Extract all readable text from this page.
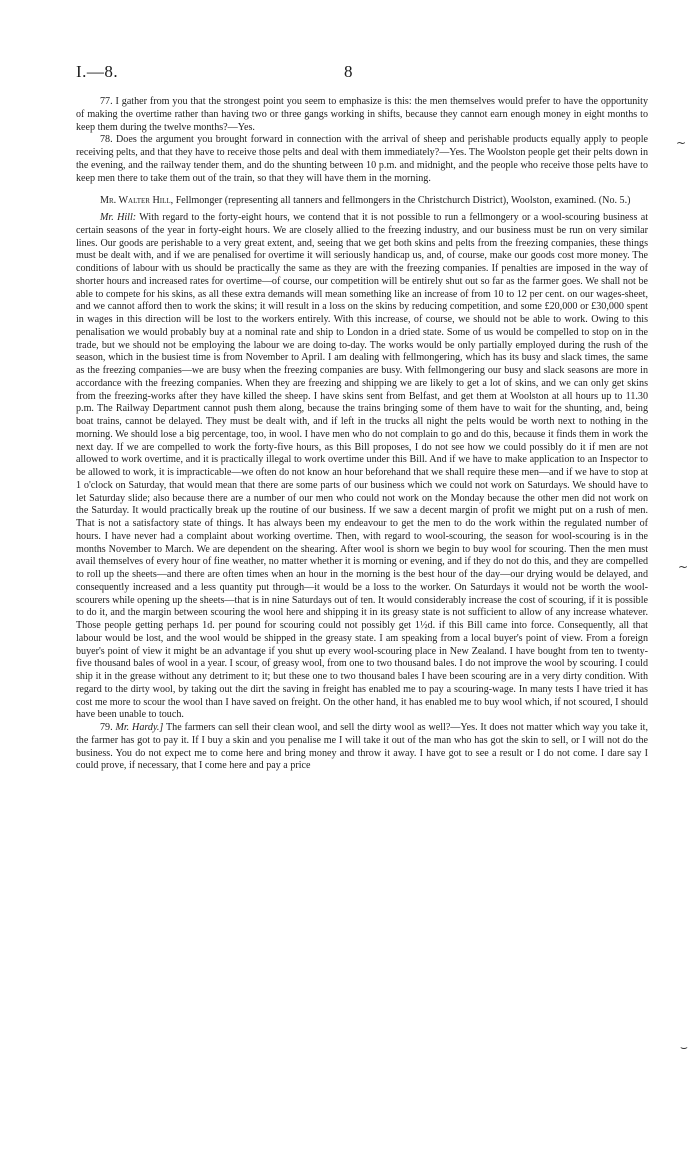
I.—8.	8

77. I gather from you that the strongest point you seem to emphasize is this: the men themselves would prefer to have the opportunity of making the overtime rather than having two or three gangs working in shifts, because they cannot earn enough money in eight months to keep them during the twelve months?—Yes.

78. Does the argument you brought forward in connection with the arrival of sheep and perishable products equally apply to people receiving pelts, and that they have to receive those pelts and deal with them immediately?—Yes. The Woolston people get their pelts down in the evening, and the railway tender them, and do the shunting between 10 p.m. and midnight, and the people who receive those pelts have to keep men there to take them out of the train, so that they will have them in the morning.

Mr. Walter Hill, Fellmonger (representing all tanners and fellmongers in the Christchurch District), Woolston, examined. (No. 5.)

Mr. Hill: With regard to the forty-eight hours, we contend that it is not possible to run a fellmongery or a wool-scouring business at certain seasons of the year in forty-eight hours. We are closely allied to the freezing industry, and our business must be run on very similar lines. Our goods are perishable to a very great extent, and, seeing that we get both skins and pelts from the freezing companies, these things must be dealt with, and if we are penalised for overtime it will seriously handicap us, and, of course, make our goods cost more money. The conditions of labour with us should be practically the same as they are with the freezing companies. If penalties are imposed in the way of shorter hours and increased rates for overtime—of course, our competition will be entirely shut out so far as the farmer goes. We shall not be able to compete for his skins, as all these extra demands will mean something like an increase of from 10 to 12 per cent. on our wages-sheet, and we cannot afford then to work the skins; it will result in a loss on the skins by reducing competition, and some £20,000 or £30,000 spent in wages in this direction will be lost to the workers entirely. With this increase, of course, we should not be able to work. Owing to this penalisation we would probably buy at a nominal rate and ship to London in a dried state. Some of us would be compelled to stop on in the trade, but we should not be employing the labour we are doing to-day. The works would be only partially employed during the rush of the season, which in the busiest time is from November to April. I am dealing with fellmongering, which has its busy and slack times, the same as the freezing companies—we are busy when the freezing companies are busy. With fellmongering our busy and slack seasons are more in accordance with the freezing companies. When they are freezing and shipping we are likely to get a lot of skins, and we can only get skins from the freezing-works after they have killed the sheep. I have skins sent from Belfast, and get them at Woolston at all hours up to 11.30 p.m. The Railway Department cannot push them along, because the trains bringing some of them have to wait for the shunting, and, being boat trains, cannot be delayed. They must be dealt with, and if left in the trucks all night the pelts would be worth next to nothing in the morning. We should lose a big percentage, too, in wool. I have men who do not complain to go and do this, because it finds them in work the next day. If we are compelled to work the forty-five hours, as this Bill proposes, I do not see how we could possibly do it if men are not allowed to work overtime, and it is practically illegal to work overtime under this Bill. And if we have to make application to an Inspector to be allowed to work, it is impracticable—we often do not know an hour beforehand that we shall require these men—and if we have to stop at 1 o'clock on Saturday, that would mean that there are some parts of our business which we could not work on Saturdays. We should have to let Saturday slide; also because there are a number of our men who could not work on the Monday because the other men did not work on the Saturday. It would practically break up the routine of our business. If we saw a decent margin of profit we might put on a rush of men. That is not a satisfactory state of things. It has always been my endeavour to get the men to do the work within the regulated number of hours. I have never had a complaint about working overtime. Then, with regard to wool-scouring, the season for wool-scouring is in the months November to March. We are dependent on the shearing. After wool is shorn we begin to buy wool for scouring. Then the men must avail themselves of every hour of fine weather, no matter whether it is morning or evening, and if they do not do this, and they are compelled to roll up the sheets—and there are often times when an hour in the morning is the best hour of the day—our drying would be delayed, and consequently increased and a less quantity put through—it would be a loss to the worker. On Saturdays it would not be worth the wool-scourers while opening up the sheets—that is in nine Saturdays out of ten. It would considerably increase the cost of scouring, if it is possible to do it, and the margin between scouring the wool here and shipping it in its greasy state is not sufficient to allow of any increase whatever. Those people getting perhaps 1d. per pound for scouring could not possibly get 1½d. if this Bill came into force. Consequently, all that labour would be lost, and the wool would be shipped in the greasy state. I am speaking from a local buyer's point of view. From a foreign buyer's point of view it might be an advantage if you shut up every wool-scouring place in New Zealand. I have bought from ten to twenty-five thousand bales of wool in a year. I scour, of greasy wool, from one to two thousand bales. I do not improve the wool by scouring. I could ship it in the grease without any detriment to it; but these one to two thousand bales I have been scouring are in a very dirty condition. With regard to the dirty wool, by taking out the dirt the saving in freight has enabled me to pay a scouring-wage. In many tests I have tried it has cost me more to scour the wool than I have saved on freight. On the other hand, it has enabled me to buy wool which, if not scoured, I should have been unable to touch.

79. Mr. Hardy.] The farmers can sell their clean wool, and sell the dirty wool as well?—Yes. It does not matter which way you take it, the farmer has got to pay it. If I buy a skin and you penalise me I will take it out of the man who has got the skin to sell, or I will not do the business. You do not expect me to come here and bring money and throw it away. I have got to see a result or I do not come. I dare say I could prove, if necessary, that I come here and pay a price

~
~
⌣
